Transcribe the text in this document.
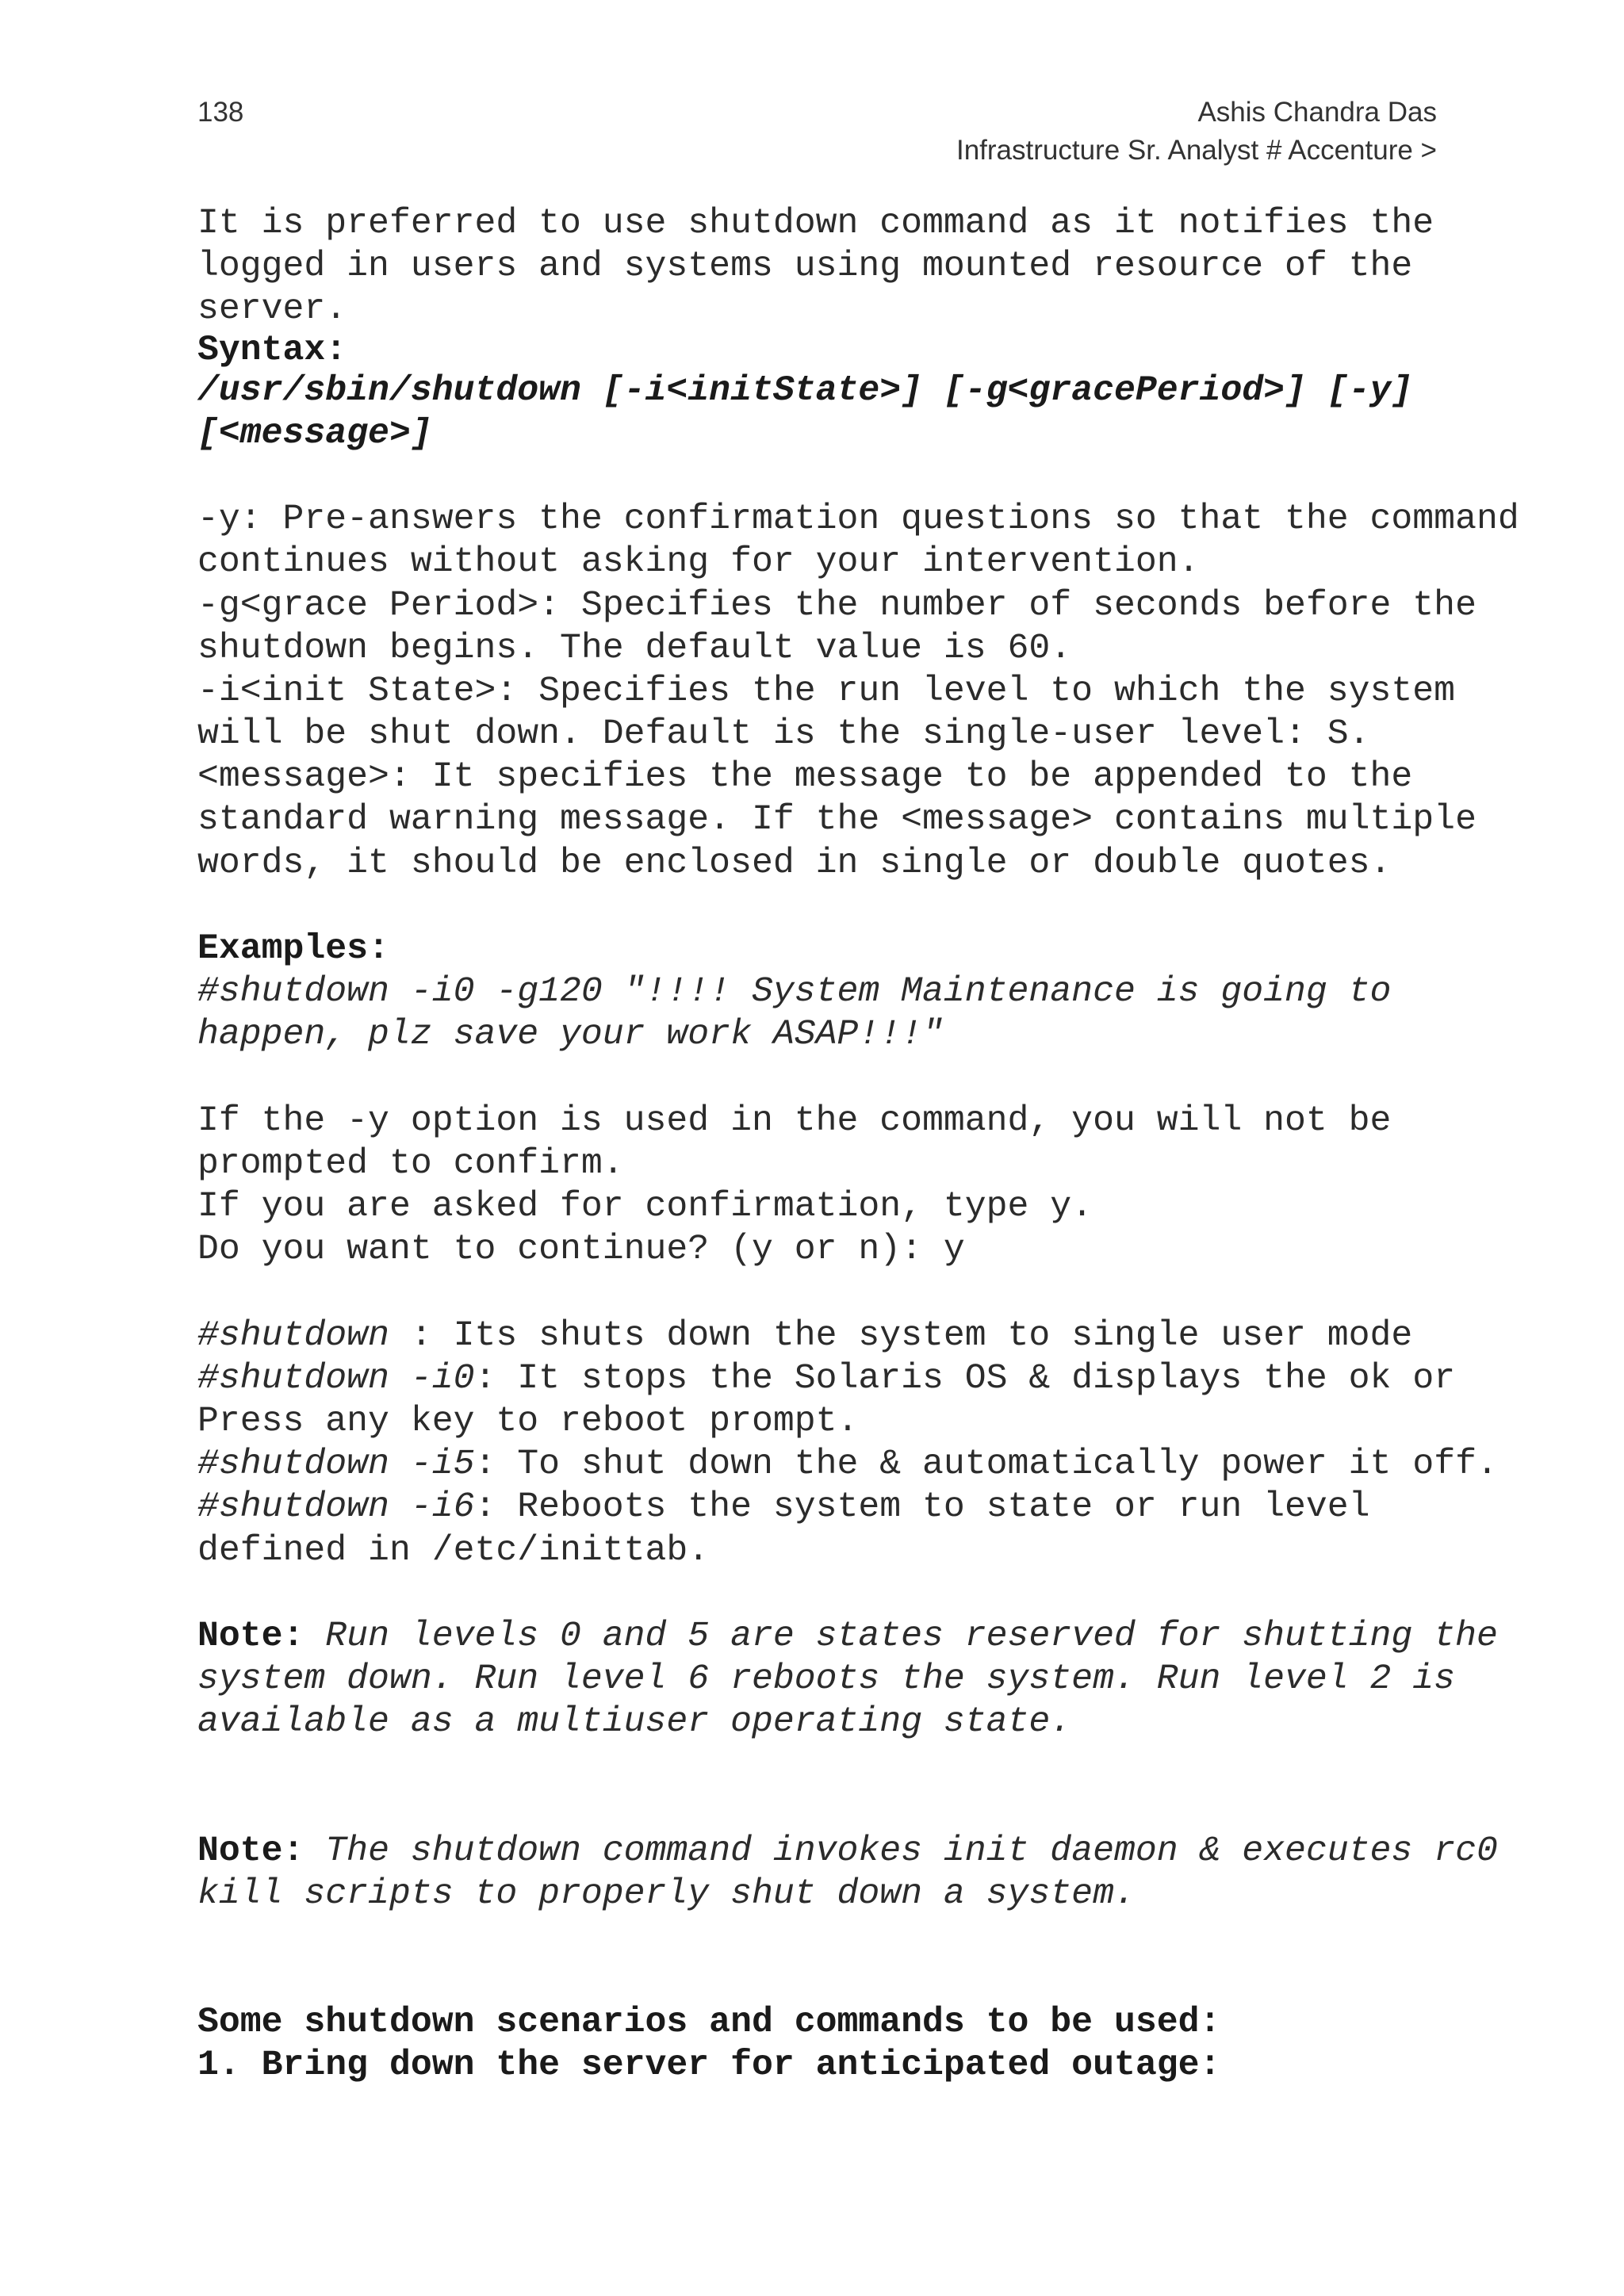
138	Ashis Chandra Das
Infrastructure Sr. Analyst # Accenture >
It is preferred to use shutdown command as it notifies the
logged in users and systems using mounted resource of the
server.
Syntax:
/usr/sbin/shutdown [-i<initState>] [-g<gracePeriod>] [-y]
[<message>]
-y: Pre-answers the confirmation questions so that the command
continues without asking for your intervention.
-g<grace Period>: Specifies the number of seconds before the
shutdown begins. The default value is 60.
-i<init State>: Specifies the run level to which the system
will be shut down. Default is the single-user level: S.
<message>: It specifies the message to be appended to the
standard warning message. If the <message> contains multiple
words, it should be enclosed in single or double quotes.
Examples:
#shutdown -i0 -g120 "!!!! System Maintenance is going to
happen, plz save your work ASAP!!!"
If the -y option is used in the command, you will not be
prompted to confirm.
If you are asked for confirmation, type y.
Do you want to continue? (y or n): y
#shutdown : Its shuts down the system to single user mode
#shutdown -i0: It stops the Solaris OS & displays the ok or
Press any key to reboot prompt.
#shutdown -i5: To shut down the & automatically power it off.
#shutdown -i6: Reboots the system to state or run level
defined in /etc/inittab.
Note: Run levels 0 and 5 are states reserved for shutting the
system down. Run level 6 reboots the system. Run level 2 is
available as a multiuser operating state.
Note: The shutdown command invokes init daemon & executes rc0
kill scripts to properly shut down a system.
Some shutdown scenarios and commands to be used:
1. Bring down the server for anticipated outage:
